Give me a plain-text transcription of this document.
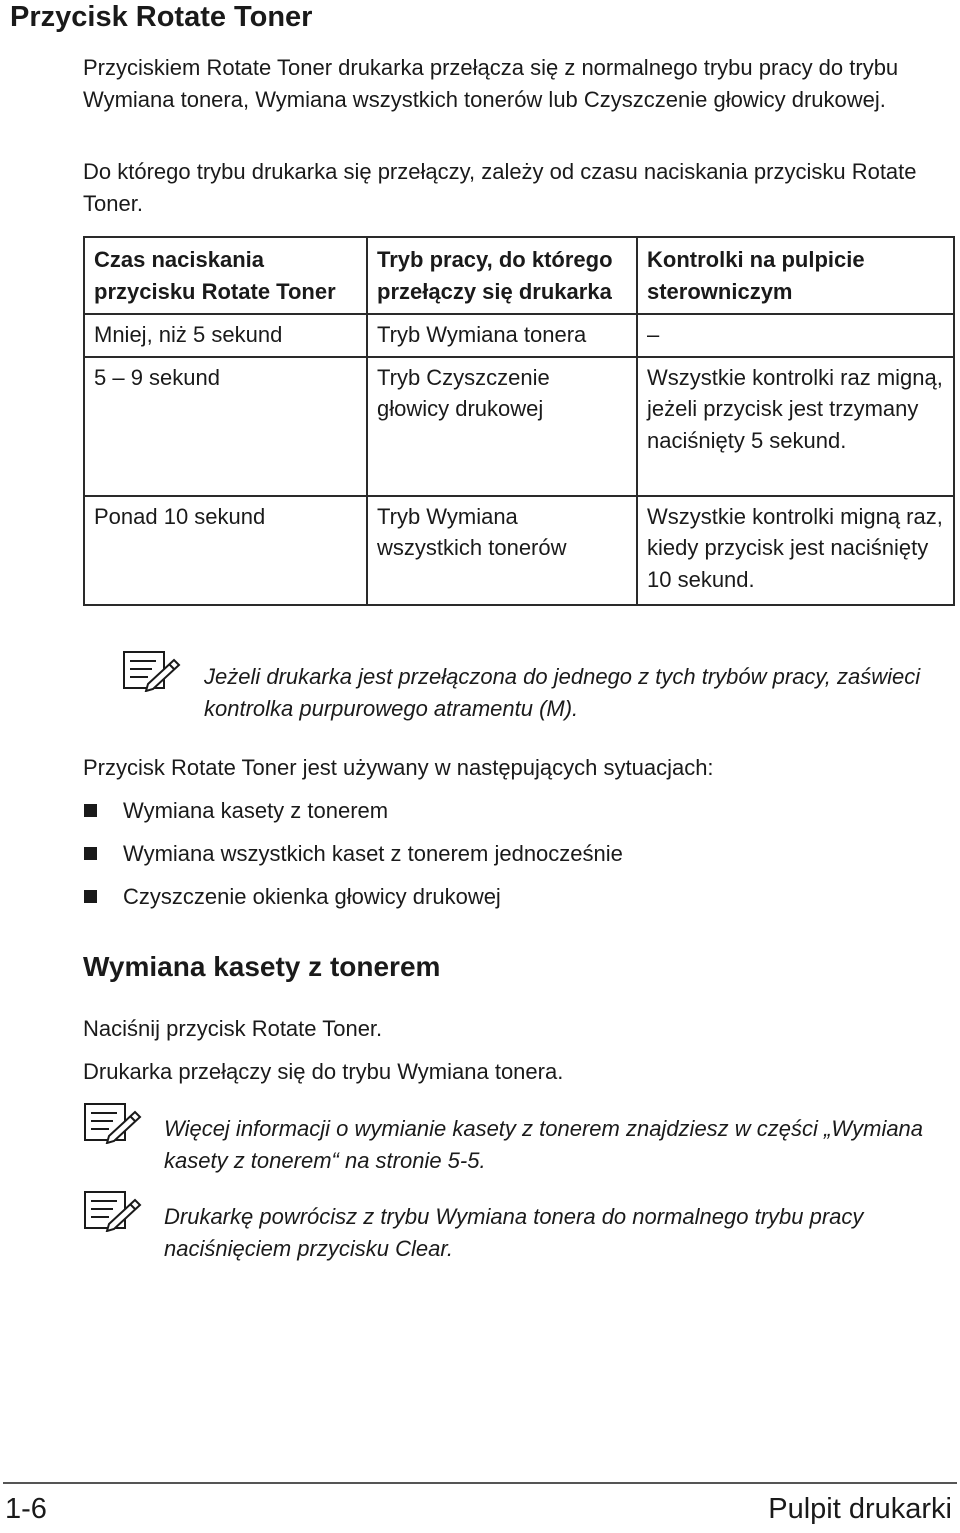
Przycisk Rotate Toner

Przyciskiem Rotate Toner drukarka przełącza się z normalnego trybu pracy do trybu Wymiana tonera, Wymiana wszystkich tonerów lub Czyszczenie głowicy drukowej.

Do którego trybu drukarka się przełączy, zależy od czasu naciskania przycisku Rotate Toner.

Czas naciskania przycisku Rotate Toner	Tryb pracy, do którego przełączy się drukarka	Kontrolki na pulpicie sterowniczym
Mniej, niż 5 sekund	Tryb Wymiana tonera	–
5 – 9 sekund	Tryb Czyszczenie głowicy drukowej	Wszystkie kontrolki raz migną, jeżeli przycisk jest trzymany naciśnięty 5 sekund.
Ponad 10 sekund	Tryb Wymiana wszystkich tonerów	Wszystkie kontrolki migną raz, kiedy przycisk jest naciśnięty 10 sekund.

Jeżeli drukarka jest przełączona do jednego z tych trybów pracy, zaświeci kontrolka purpurowego atramentu (M).

Przycisk Rotate Toner jest używany w następujących sytuacjach:

Wymiana kasety z tonerem
Wymiana wszystkich kaset z tonerem jednocześnie
Czyszczenie okienka głowicy drukowej
Wymiana kasety z tonerem

Naciśnij przycisk Rotate Toner.

Drukarka przełączy się do trybu Wymiana tonera.

Więcej informacji o wymianie kasety z tonerem znajdziesz w części „Wymiana kasety z tonerem“ na stronie 5-5.

Drukarkę powrócisz z trybu Wymiana tonera do normalnego trybu pracy naciśnięciem przycisku Clear.

1-6	Pulpit drukarki
